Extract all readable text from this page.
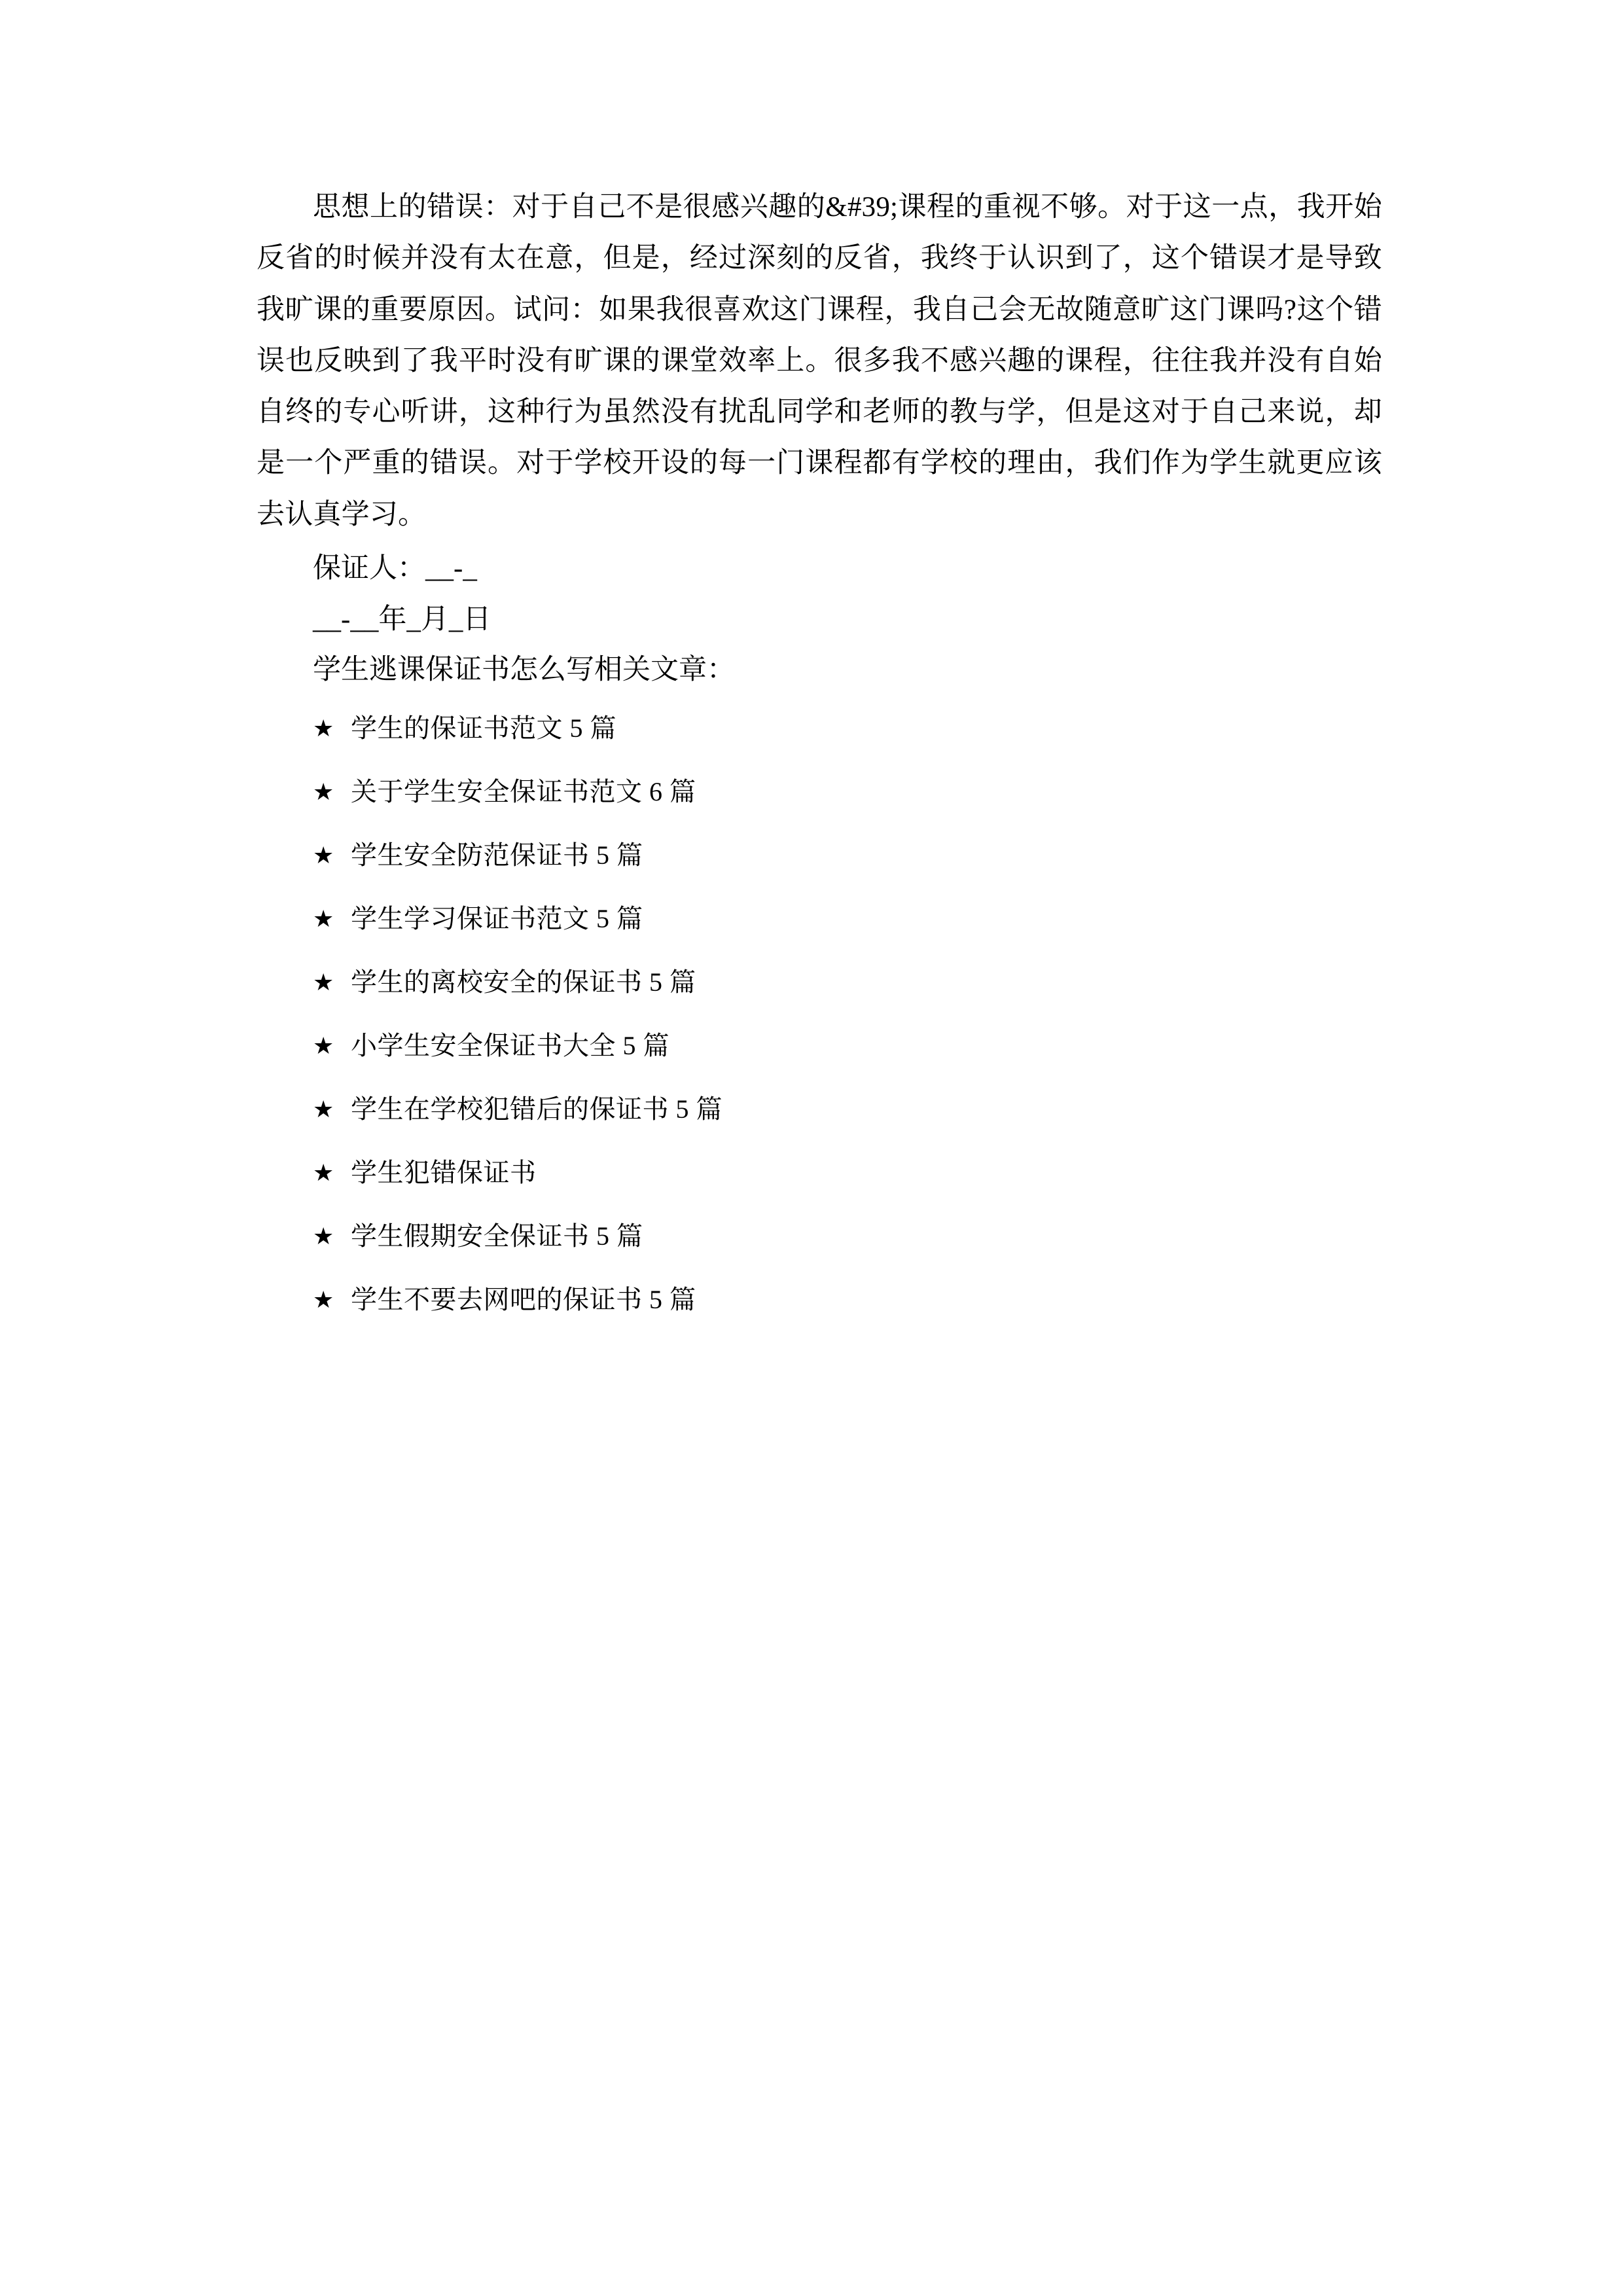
思想上的错误：对于自己不是很感兴趣的&#39;课程的重视不够。对于这一点，我开始反省的时候并没有太在意，但是，经过深刻的反省，我终于认识到了，这个错误才是导致我旷课的重要原因。试问：如果我很喜欢这门课程，我自己会无故随意旷这门课吗?这个错误也反映到了我平时没有旷课的课堂效率上。很多我不感兴趣的课程，往往我并没有自始自终的专心听讲，这种行为虽然没有扰乱同学和老师的教与学，但是这对于自己来说，却是一个严重的错误。对于学校开设的每一门课程都有学校的理由，我们作为学生就更应该去认真学习。

保证人：__-_

__-__年_月_日

学生逃课保证书怎么写相关文章：

★ 学生的保证书范文 5 篇
★ 关于学生安全保证书范文 6 篇
★ 学生安全防范保证书 5 篇
★ 学生学习保证书范文 5 篇
★ 学生的离校安全的保证书 5 篇
★ 小学生安全保证书大全 5 篇
★ 学生在学校犯错后的保证书 5 篇
★ 学生犯错保证书
★ 学生假期安全保证书 5 篇
★ 学生不要去网吧的保证书 5 篇
